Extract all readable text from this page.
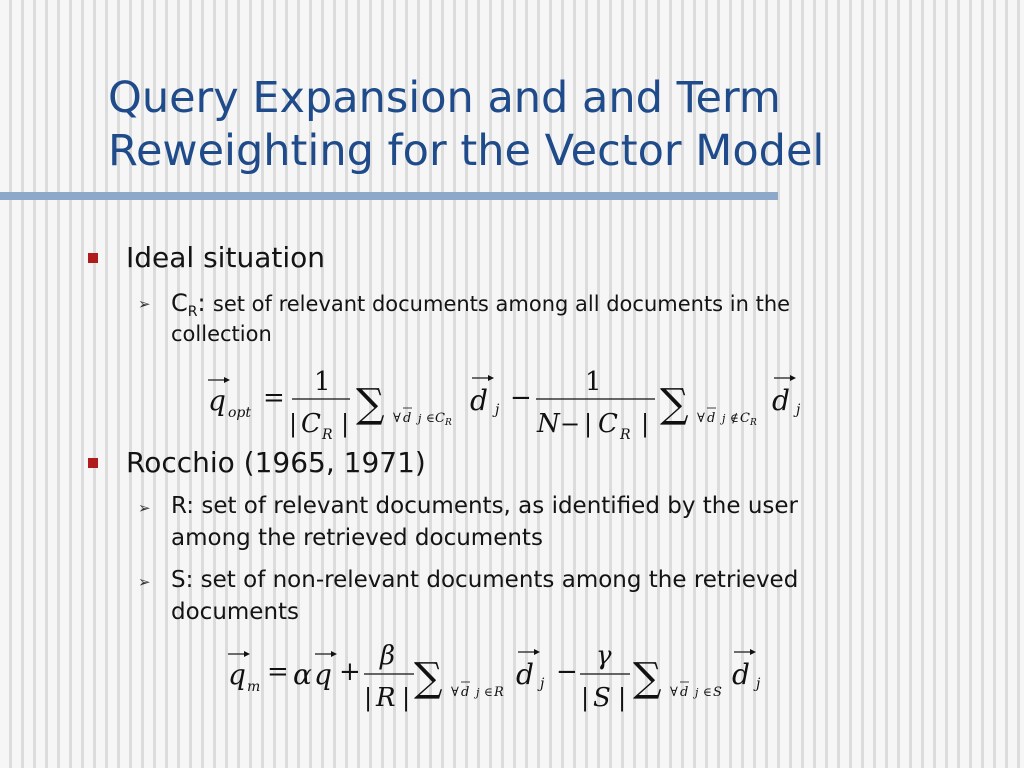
Query Expansion and and Term
Reweighting for the Vector Model
Ideal situation
➢ $C_R$: set of relevant documents among all documents in the
collection
q opt =
1
| C R | ∑ ∀ d j ∈ C R
d j −
1
N − | C R | ∑ ∀ d j ∉ C R
d j
Rocchio (1965, 1971)
➢ R: set of relevant documents, as identified by the user
among the retrieved documents
➢ S: set of non-relevant documents among the retrieved
documents
q m = α q +
β
| R | ∑ ∀ d j ∈ R
d j −
γ
| S | ∑ ∀ d j ∈ S
d j
